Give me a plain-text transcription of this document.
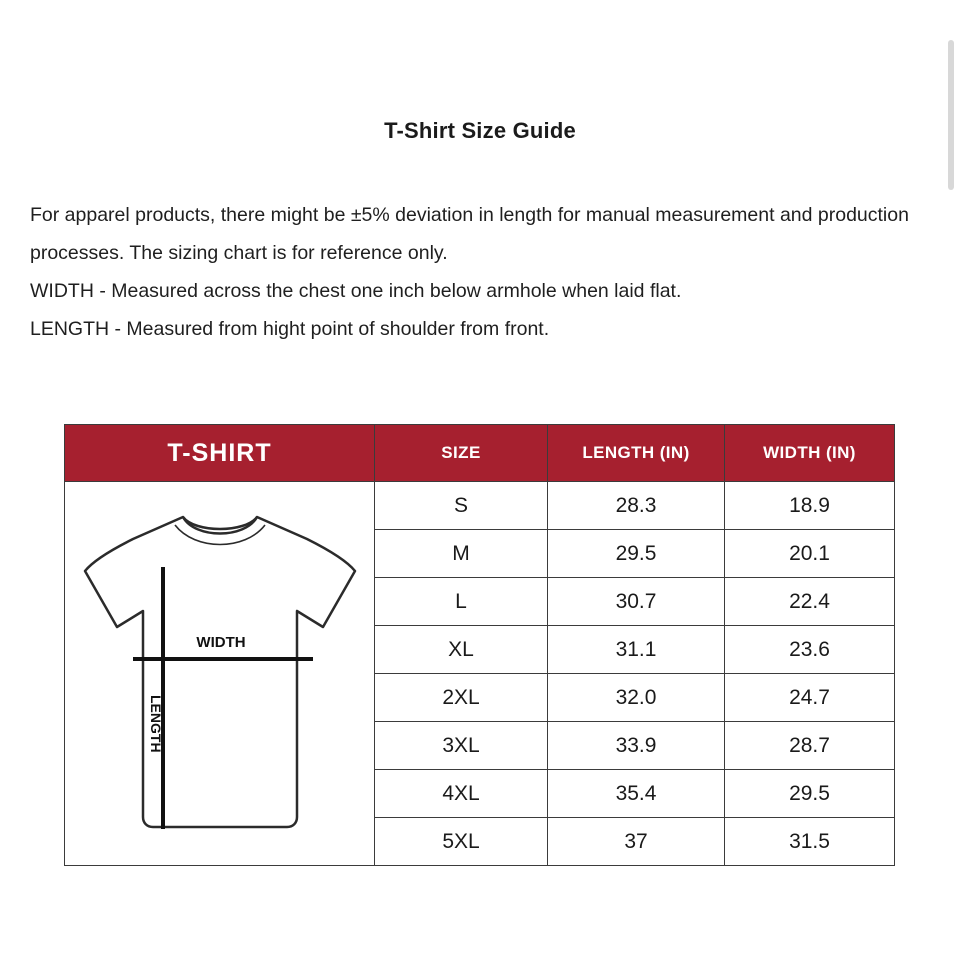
T-Shirt Size Guide

For apparel products, there might be ±5% deviation in length for manual measurement and production processes. The sizing chart is for reference only.

WIDTH - Measured across the chest one inch below armhole when laid flat.

LENGTH - Measured from hight point of shoulder from front.

T-SHIRT	SIZE	LENGTH (IN)	WIDTH (IN)

WIDTH
LENGTH	S	28.3	18.9
	M	29.5	20.1
	L	30.7	22.4
	XL	31.1	23.6
	2XL	32.0	24.7
	3XL	33.9	28.7
	4XL	35.4	29.5
	5XL	37	31.5
